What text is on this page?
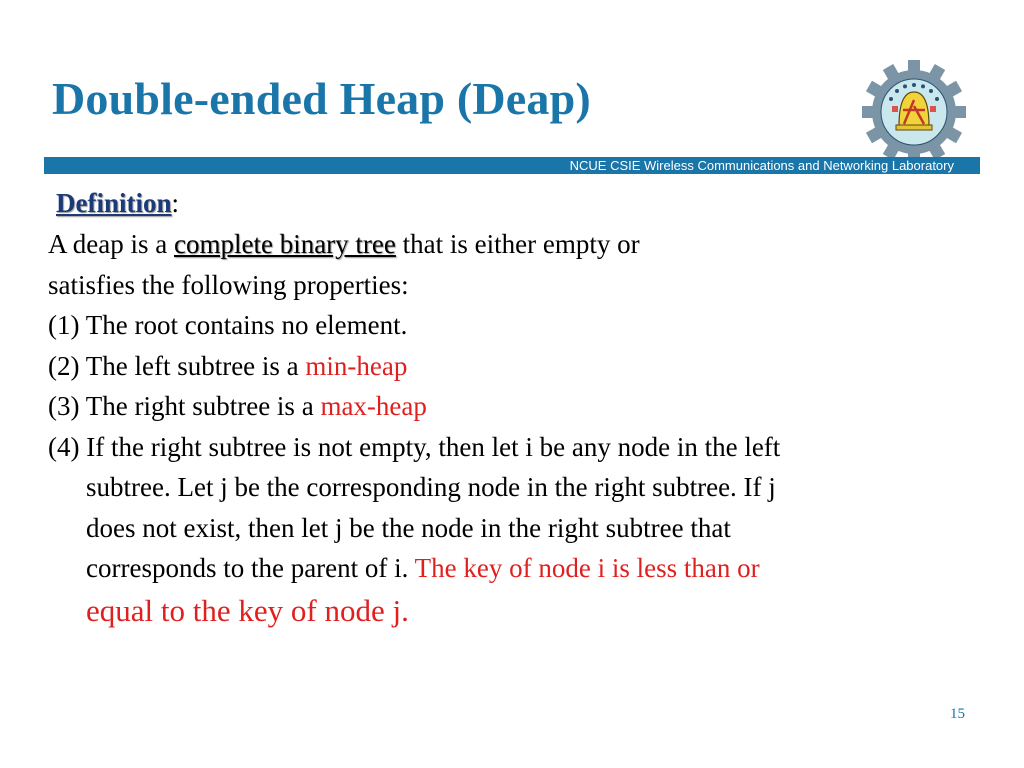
Double-ended Heap (Deap)
NCUE CSIE Wireless Communications and Networking Laboratory
Definition:
A deap is a complete binary tree that is either empty or
satisfies the following properties:
(1) The root contains no element.
(2) The left subtree is a min-heap
(3) The right subtree is a max-heap
(4) If the right subtree is not empty, then let i be any node in the left
subtree. Let j be the corresponding node in the right subtree. If j
does not exist, then let j be the node in the right subtree that
corresponds to the parent of i. The key of node i is less than or
equal to the key of node j.
15
